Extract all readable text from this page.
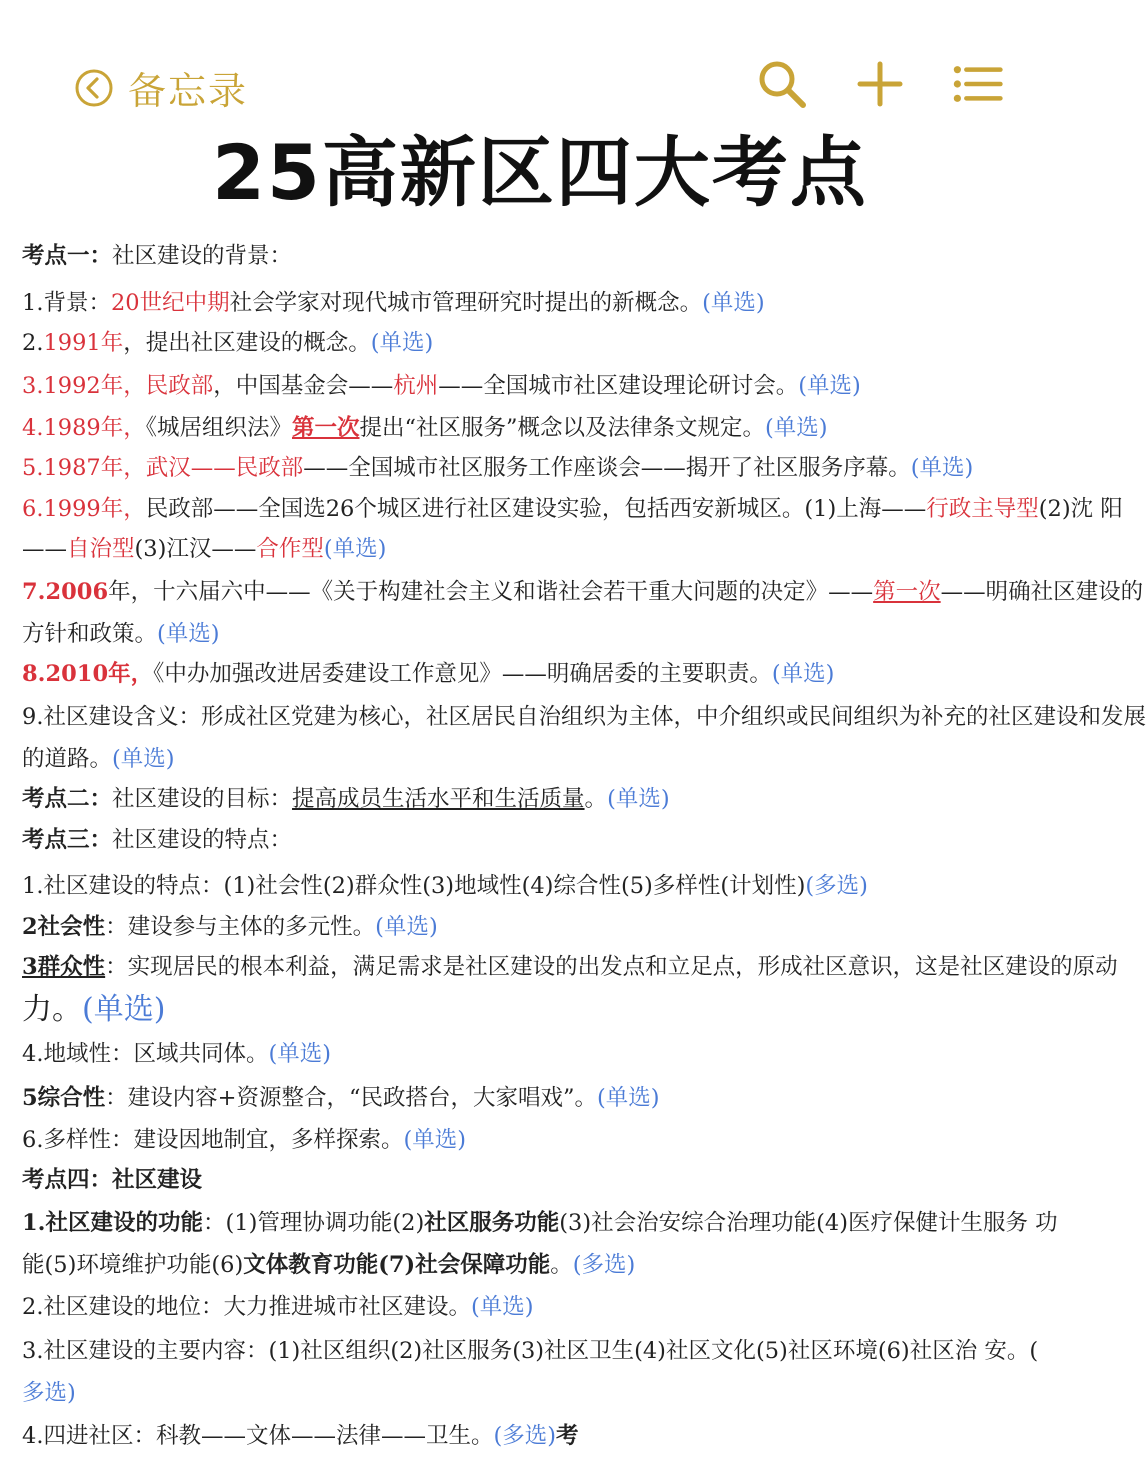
备忘录
25高新区四大考点
考点一：社区建设的背景：
1.背景：20世纪中期社会学家对现代城市管理研究时提出的新概念。(单选)
2.1991年，提出社区建设的概念。(单选)
3.1992年，民政部，中国基金会——杭州——全国城市社区建设理论研讨会。(单选)
4.1989年，《城居组织法》第一次提出“社区服务”概念以及法律条文规定。(单选)
5.1987年，武汉——民政部——全国城市社区服务工作座谈会——揭开了社区服务序幕。(单选)
6.1999年，民政部——全国选26个城区进行社区建设实验，包括西安新城区。(1)上海——行政主导型(2)沈 阳
——自治型(3)江汉——合作型(单选)
7.2006年，十六届六中——《关于构建社会主义和谐社会若干重大问题的决定》——第一次——明确社区建设的
方针和政策。(单选)
8.2010年，《中办加强改进居委建设工作意见》——明确居委的主要职责。(单选)
9.社区建设含义：形成社区党建为核心，社区居民自治组织为主体，中介组织或民间组织为补充的社区建设和发展
的道路。(单选)
考点二：社区建设的目标：提高成员生活水平和生活质量。(单选)
考点三：社区建设的特点：
1.社区建设的特点：(1)社会性(2)群众性(3)地域性(4)综合性(5)多样性(计划性)(多选)
2社会性：建设参与主体的多元性。(单选)
3群众性：实现居民的根本利益，满足需求是社区建设的出发点和立足点，形成社区意识，这是社区建设的原动
力。(单选)
4.地域性：区域共同体。(单选)
5综合性：建设内容+资源整合，“民政搭台，大家唱戏”。(单选)
6.多样性：建设因地制宜，多样探索。(单选)
考点四：社区建设
1.社区建设的功能：(1)管理协调功能(2)社区服务功能(3)社会治安综合治理功能(4)医疗保健计生服务 功
能(5)环境维护功能(6)文体教育功能(7)社会保障功能。(多选)
2.社区建设的地位：大力推进城市社区建设。(单选)
3.社区建设的主要内容：(1)社区组织(2)社区服务(3)社区卫生(4)社区文化(5)社区环境(6)社区治 安。(
多选)
4.四进社区：科教——文体——法律——卫生。(多选)考
